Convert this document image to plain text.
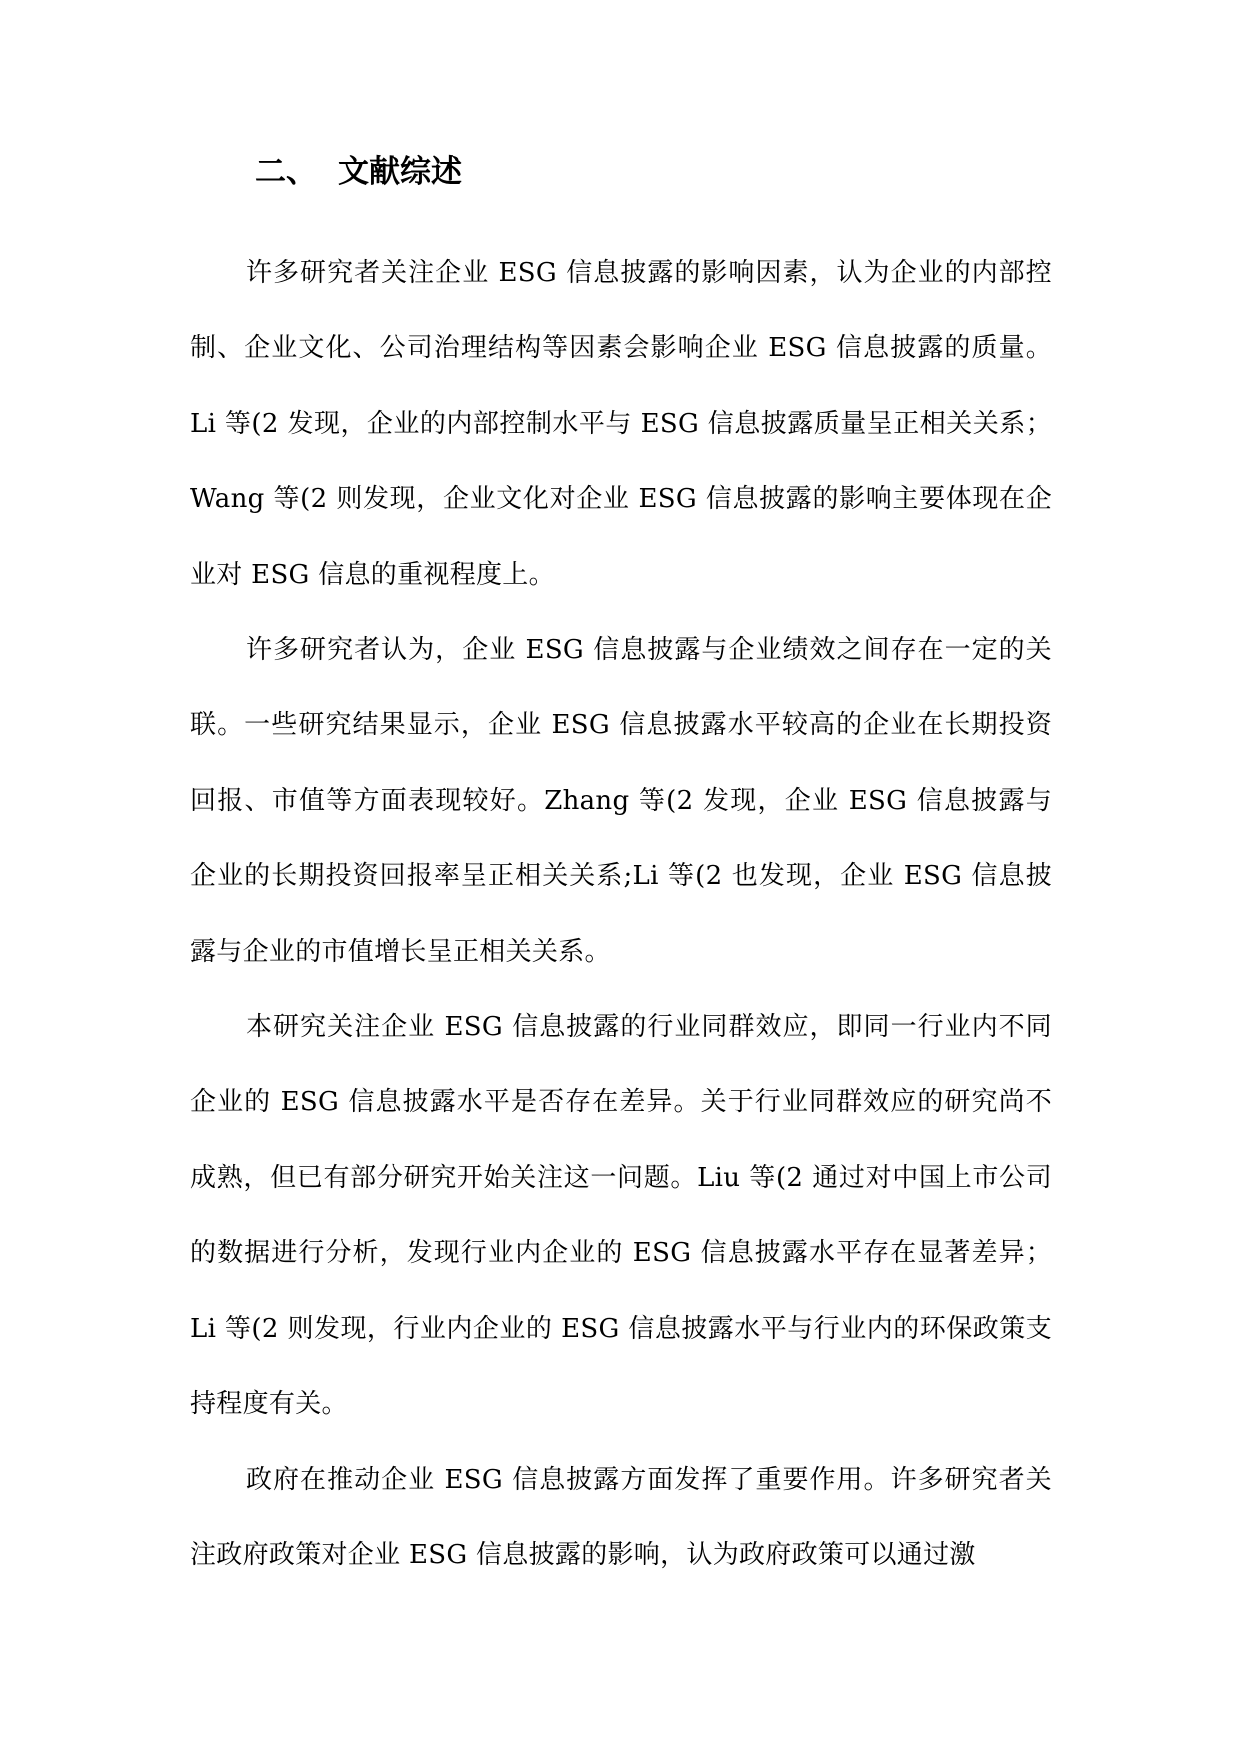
二、 文献综述

许多研究者关注企业 ESG 信息披露的影响因素，认为企业的内部控制、企业文化、公司治理结构等因素会影响企业 ESG 信息披露的质量。Li 等(2 发现，企业的内部控制水平与 ESG 信息披露质量呈正相关关系；Wang 等(2 则发现，企业文化对企业 ESG 信息披露的影响主要体现在企业对 ESG 信息的重视程度上。

许多研究者认为，企业 ESG 信息披露与企业绩效之间存在一定的关联。一些研究结果显示，企业 ESG 信息披露水平较高的企业在长期投资回报、市值等方面表现较好。Zhang 等(2 发现，企业 ESG 信息披露与企业的长期投资回报率呈正相关关系;Li 等(2 也发现，企业 ESG 信息披露与企业的市值增长呈正相关关系。

本研究关注企业 ESG 信息披露的行业同群效应，即同一行业内不同企业的 ESG 信息披露水平是否存在差异。关于行业同群效应的研究尚不成熟，但已有部分研究开始关注这一问题。Liu 等(2 通过对中国上市公司的数据进行分析，发现行业内企业的 ESG 信息披露水平存在显著差异；Li 等(2 则发现，行业内企业的 ESG 信息披露水平与行业内的环保政策支持程度有关。

政府在推动企业 ESG 信息披露方面发挥了重要作用。许多研究者关注政府政策对企业 ESG 信息披露的影响，认为政府政策可以通过激
